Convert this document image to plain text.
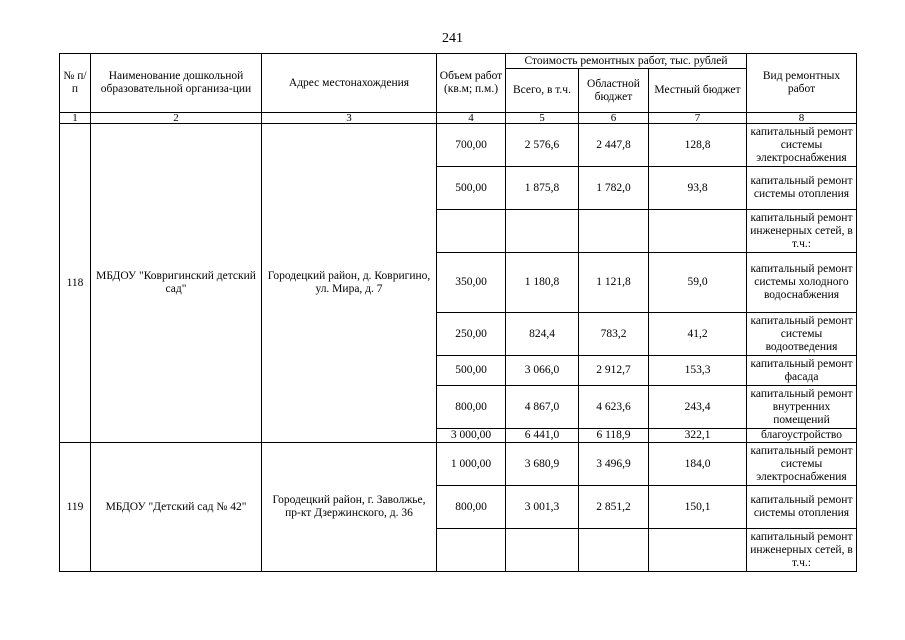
241
№ п/п	Наименование дошкольной образовательной организа-ции	Адрес местонахождения	Объем работ (кв.м; п.м.)	Стоимость ремонтных работ, тыс. рублей			Вид ремонтных работ
				Всего, в т.ч.	Областной бюджет	Местный бюджет	
1	2	3	4	5	6	7	8
118	МБДОУ "Ковригинский детский сад"	Городецкий район, д. Ковригино, ул. Мира, д. 7	700,00	2 576,6	2 447,8	128,8	капитальный ремонт системы электроснабжения
			500,00	1 875,8	1 782,0	93,8	капитальный ремонт системы отопления
							капитальный ремонт инженерных сетей, в т.ч.:
			350,00	1 180,8	1 121,8	59,0	капитальный ремонт системы холодного водоснабжения
			250,00	824,4	783,2	41,2	капитальный ремонт системы водоотведения
			500,00	3 066,0	2 912,7	153,3	капитальный ремонт фасада
			800,00	4 867,0	4 623,6	243,4	капитальный ремонт внутренних помещений
			3 000,00	6 441,0	6 118,9	322,1	благоустройство
119	МБДОУ "Детский сад № 42"	Городецкий район, г. Заволжье, пр-кт Дзержинского, д. 36	1 000,00	3 680,9	3 496,9	184,0	капитальный ремонт системы электроснабжения
			800,00	3 001,3	2 851,2	150,1	капитальный ремонт системы отопления
							капитальный ремонт инженерных сетей, в т.ч.:
